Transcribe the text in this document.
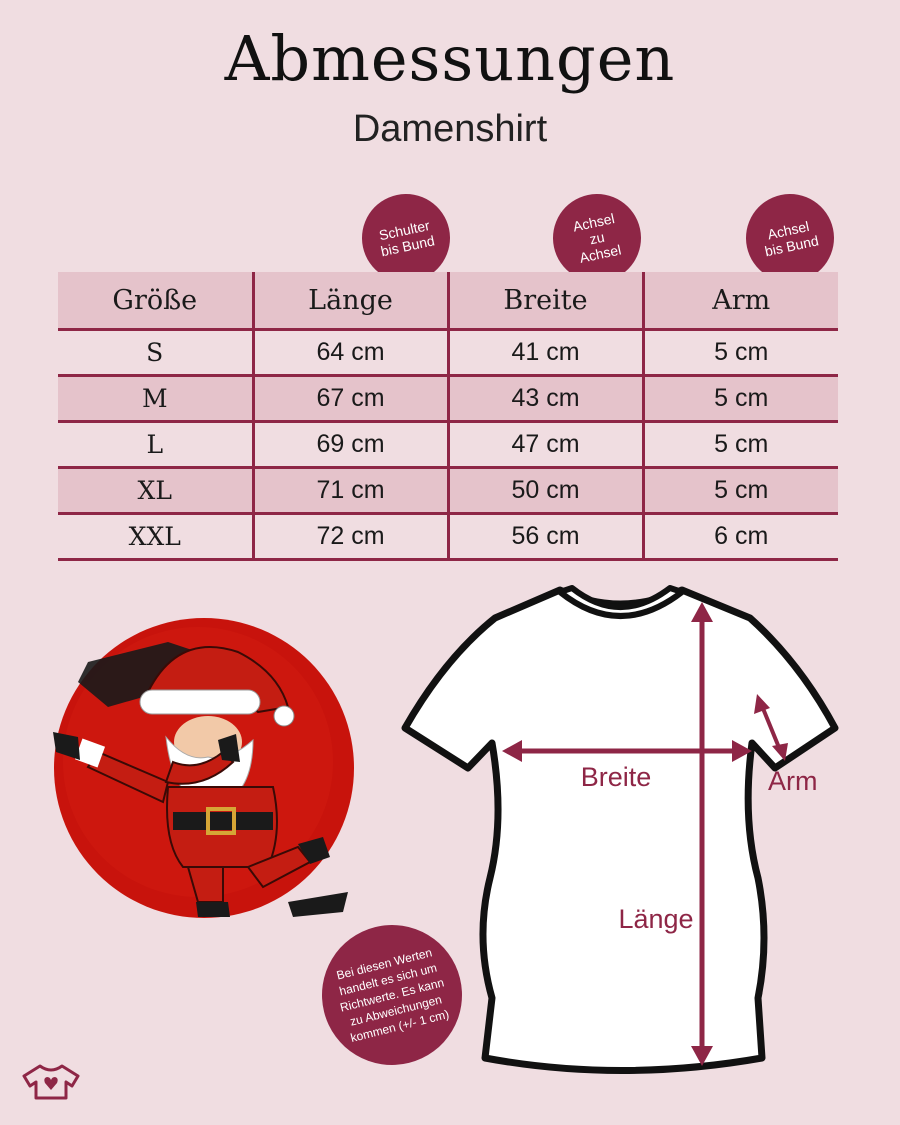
Abmessungen
Damenshirt
Schulter
bis Bund
Achsel
zu
Achsel
Achsel
bis Bund
Größe	Länge	Breite	Arm
S	64 cm	41 cm	5 cm
M	67 cm	43 cm	5 cm
L	69 cm	47 cm	5 cm
XL	71 cm	50 cm	5 cm
XXL	72 cm	56 cm	6 cm
Breite	Arm
Länge
Bei diesen Werten handelt es sich um Richtwerte. Es kann zu Abweichungen kommen (+/- 1 cm)
